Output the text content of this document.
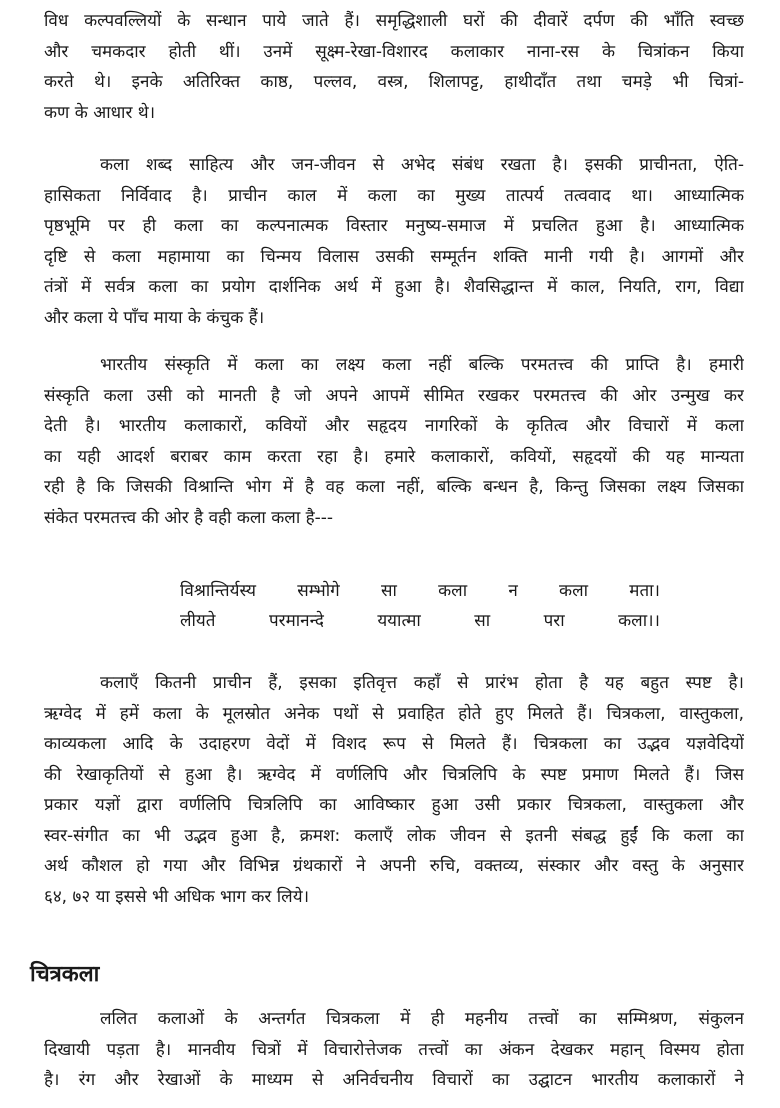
विध कल्पवल्लियों के सन्धान पाये जाते हैं। समृद्धिशाली घरों की दीवारें दर्पण की भाँति स्वच्छ
और चमकदार होती थीं। उनमें सूक्ष्म-रेखा-विशारद कलाकार नाना-रस के चित्रांकन किया
करते थे। इनके अतिरिक्त काष्ठ, पल्लव, वस्त्र, शिलापट्ट, हाथीदाँत तथा चमड़े भी चित्रां-
कण के आधार थे।
कला शब्द साहित्य और जन-जीवन से अभेद संबंध रखता है। इसकी प्राचीनता, ऐति-
हासिकता निर्विवाद है। प्राचीन काल में कला का मुख्य तात्पर्य तत्ववाद था। आध्यात्मिक
पृष्ठभूमि पर ही कला का कल्पनात्मक विस्तार मनुष्य-समाज में प्रचलित हुआ है। आध्यात्मिक
दृष्टि से कला महामाया का चिन्मय विलास उसकी सम्मूर्तन शक्ति मानी गयी है। आगमों और
तंत्रों में सर्वत्र कला का प्रयोग दार्शनिक अर्थ में हुआ है। शैवसिद्धान्त में काल, नियति, राग, विद्या
और कला ये पाँच माया के कंचुक हैं।
भारतीय संस्कृति में कला का लक्ष्य कला नहीं बल्कि परमतत्त्व की प्राप्ति है। हमारी
संस्कृति कला उसी को मानती है जो अपने आपमें सीमित रखकर परमतत्त्व की ओर उन्मुख कर
देती है। भारतीय कलाकारों, कवियों और सहृदय नागरिकों के कृतित्व और विचारों में कला
का यही आदर्श बराबर काम करता रहा है। हमारे कलाकारों, कवियों, सहृदयों की यह मान्यता
रही है कि जिसकी विश्रान्ति भोग में है वह कला नहीं, बल्कि बन्धन है, किन्तु जिसका लक्ष्य जिसका
संकेत परमतत्त्व की ओर है वही कला कला है---
विश्रान्तिर्यस्य सम्भोगे सा कला न कला मता।
लीयते परमानन्दे ययात्मा सा परा कला।।
कलाएँ कितनी प्राचीन हैं, इसका इतिवृत्त कहाँ से प्रारंभ होता है यह बहुत स्पष्ट है।
ऋग्वेद में हमें कला के मूलस्रोत अनेक पथों से प्रवाहित होते हुए मिलते हैं। चित्रकला, वास्तुकला,
काव्यकला आदि के उदाहरण वेदों में विशद रूप से मिलते हैं। चित्रकला का उद्भव यज्ञवेदियों
की रेखाकृतियों से हुआ है। ऋग्वेद में वर्णलिपि और चित्रलिपि के स्पष्ट प्रमाण मिलते हैं। जिस
प्रकार यज्ञों द्वारा वर्णलिपि चित्रलिपि का आविष्कार हुआ उसी प्रकार चित्रकला, वास्तुकला और
स्वर-संगीत का भी उद्भव हुआ है, क्रमश: कलाएँ लोक जीवन से इतनी संबद्ध हुईं कि कला का
अर्थ कौशल हो गया और विभिन्न ग्रंथकारों ने अपनी रुचि, वक्तव्य, संस्कार और वस्तु के अनुसार
६४, ७२ या इससे भी अधिक भाग कर लिये।
चित्रकला
ललित कलाओं के अन्तर्गत चित्रकला में ही महनीय तत्त्वों का सम्मिश्रण, संकुलन
दिखायी पड़ता है। मानवीय चित्रों में विचारोत्तेजक तत्त्वों का अंकन देखकर महान् विस्मय होता
है। रंग और रेखाओं के माध्यम से अनिर्वचनीय विचारों का उद्घाटन भारतीय कलाकारों ने
